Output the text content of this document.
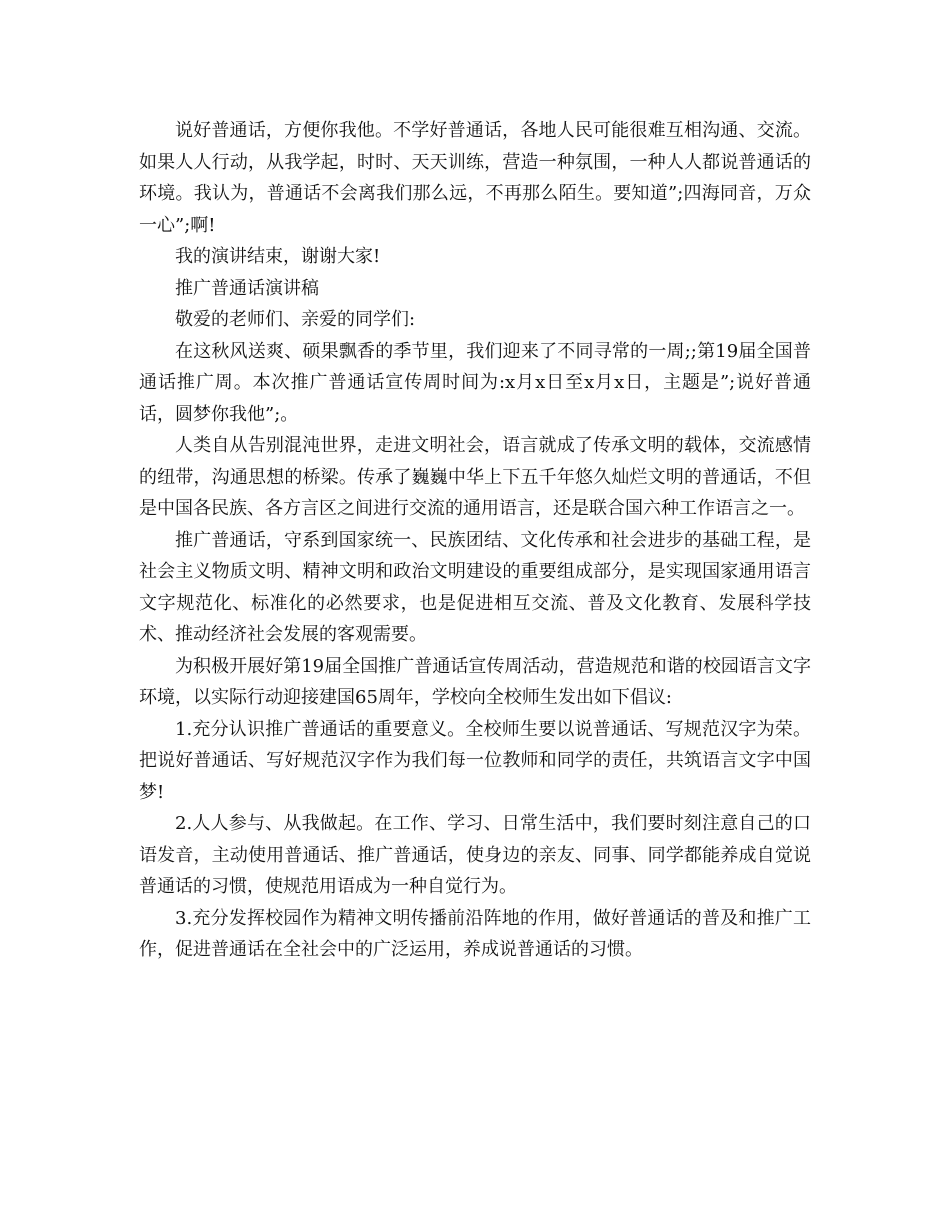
说好普通话，方便你我他。不学好普通话，各地人民可能很难互相沟通、交流。如果人人行动，从我学起，时时、天天训练，营造一种氛围，一种人人都说普通话的环境。我认为，普通话不会离我们那么远，不再那么陌生。要知道”;四海同音，万众一心”;啊!

我的演讲结束，谢谢大家!

推广普通话演讲稿

敬爱的老师们、亲爱的同学们:

在这秋风送爽、硕果飘香的季节里，我们迎来了不同寻常的一周;;第19届全国普通话推广周。本次推广普通话宣传周时间为:x月x日至x月x日，主题是”;说好普通话，圆梦你我他”;。

人类自从告别混沌世界，走进文明社会，语言就成了传承文明的载体，交流感情的纽带，沟通思想的桥梁。传承了巍巍中华上下五千年悠久灿烂文明的普通话，不但是中国各民族、各方言区之间进行交流的通用语言，还是联合国六种工作语言之一。

推广普通话，守系到国家统一、民族团结、文化传承和社会进步的基础工程，是社会主义物质文明、精神文明和政治文明建设的重要组成部分，是实现国家通用语言文字规范化、标准化的必然要求，也是促进相互交流、普及文化教育、发展科学技术、推动经济社会发展的客观需要。

为积极开展好第19届全国推广普通话宣传周活动，营造规范和谐的校园语言文字环境，以实际行动迎接建国65周年，学校向全校师生发出如下倡议:

1.充分认识推广普通话的重要意义。全校师生要以说普通话、写规范汉字为荣。把说好普通话、写好规范汉字作为我们每一位教师和同学的责任，共筑语言文字中国梦!

2.人人参与、从我做起。在工作、学习、日常生活中，我们要时刻注意自己的口语发音，主动使用普通话、推广普通话，使身边的亲友、同事、同学都能养成自觉说普通话的习惯，使规范用语成为一种自觉行为。

3.充分发挥校园作为精神文明传播前沿阵地的作用，做好普通话的普及和推广工作，促进普通话在全社会中的广泛运用，养成说普通话的习惯。
